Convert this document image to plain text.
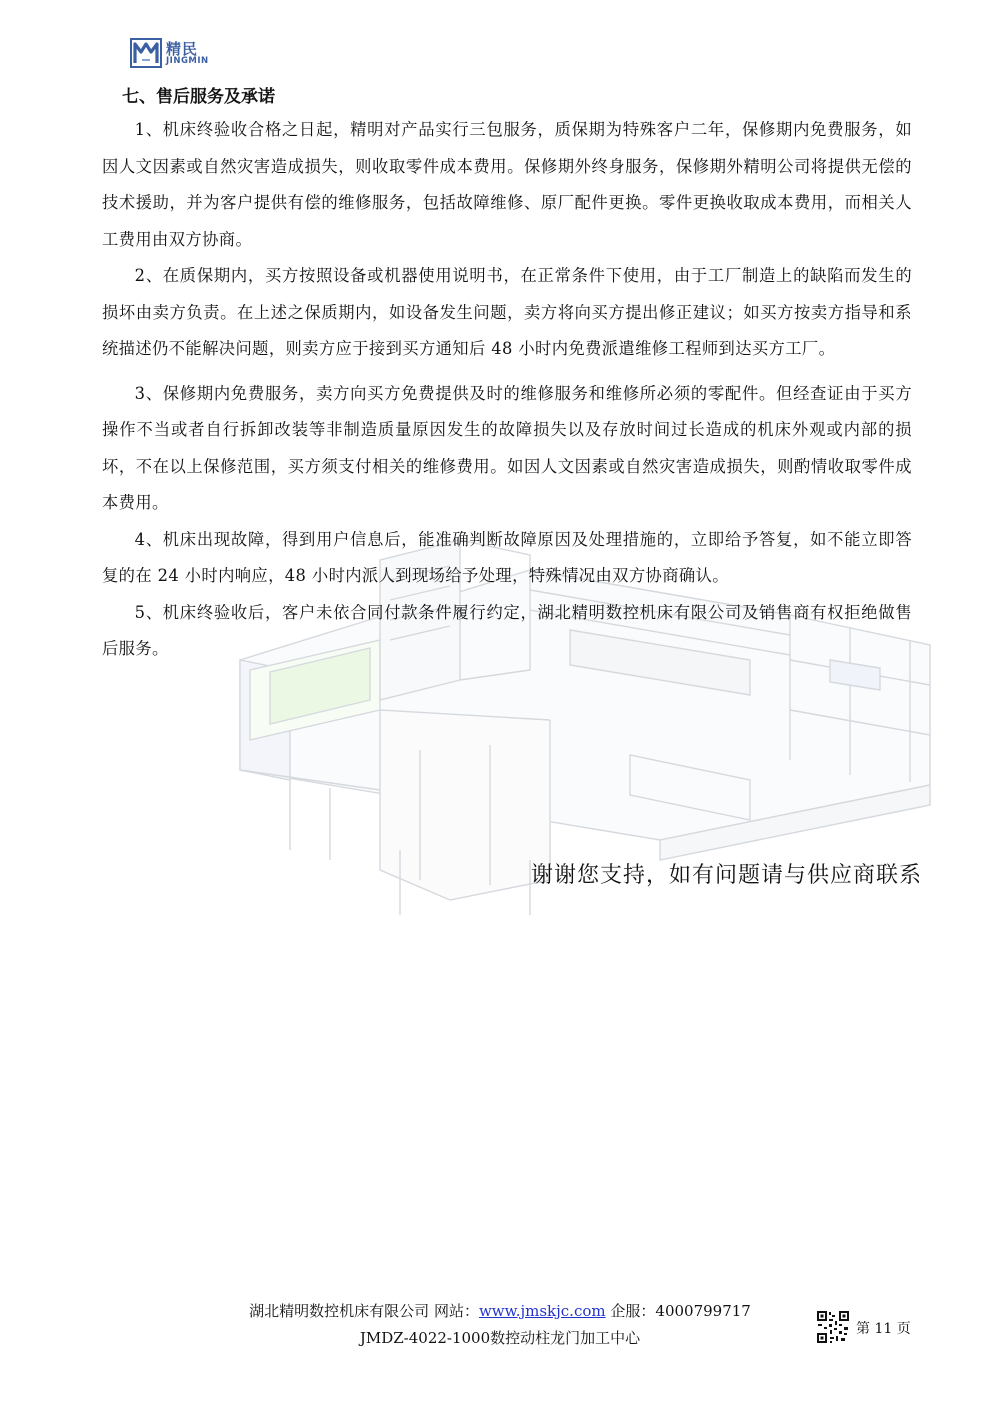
精民
JINGMIN
七、售后服务及承诺

1、机床终验收合格之日起，精明对产品实行三包服务，质保期为特殊客户二年，保修期内免费服务，如因人文因素或自然灾害造成损失，则收取零件成本费用。保修期外终身服务，保修期外精明公司将提供无偿的技术援助，并为客户提供有偿的维修服务，包括故障维修、原厂配件更换。零件更换收取成本费用，而相关人工费用由双方协商。

2、在质保期内，买方按照设备或机器使用说明书，在正常条件下使用，由于工厂制造上的缺陷而发生的损坏由卖方负责。在上述之保质期内，如设备发生问题，卖方将向买方提出修正建议；如买方按卖方指导和系统描述仍不能解决问题，则卖方应于接到买方通知后 48 小时内免费派遣维修工程师到达买方工厂。

3、保修期内免费服务，卖方向买方免费提供及时的维修服务和维修所必须的零配件。但经查证由于买方操作不当或者自行拆卸改装等非制造质量原因发生的故障损失以及存放时间过长造成的机床外观或内部的损坏，不在以上保修范围，买方须支付相关的维修费用。如因人文因素或自然灾害造成损失，则酌情收取零件成本费用。

4、机床出现故障，得到用户信息后，能准确判断故障原因及处理措施的，立即给予答复，如不能立即答复的在 24 小时内响应，48 小时内派人到现场给予处理，特殊情况由双方协商确认。

5、机床终验收后，客户未依合同付款条件履行约定，湖北精明数控机床有限公司及销售商有权拒绝做售后服务。

谢谢您支持，如有问题请与供应商联系
湖北精明数控机床有限公司 网站：www.jmskjc.com 企服：4000799717
JMDZ-4022-1000数控动柱龙门加工中心	第 11 页
